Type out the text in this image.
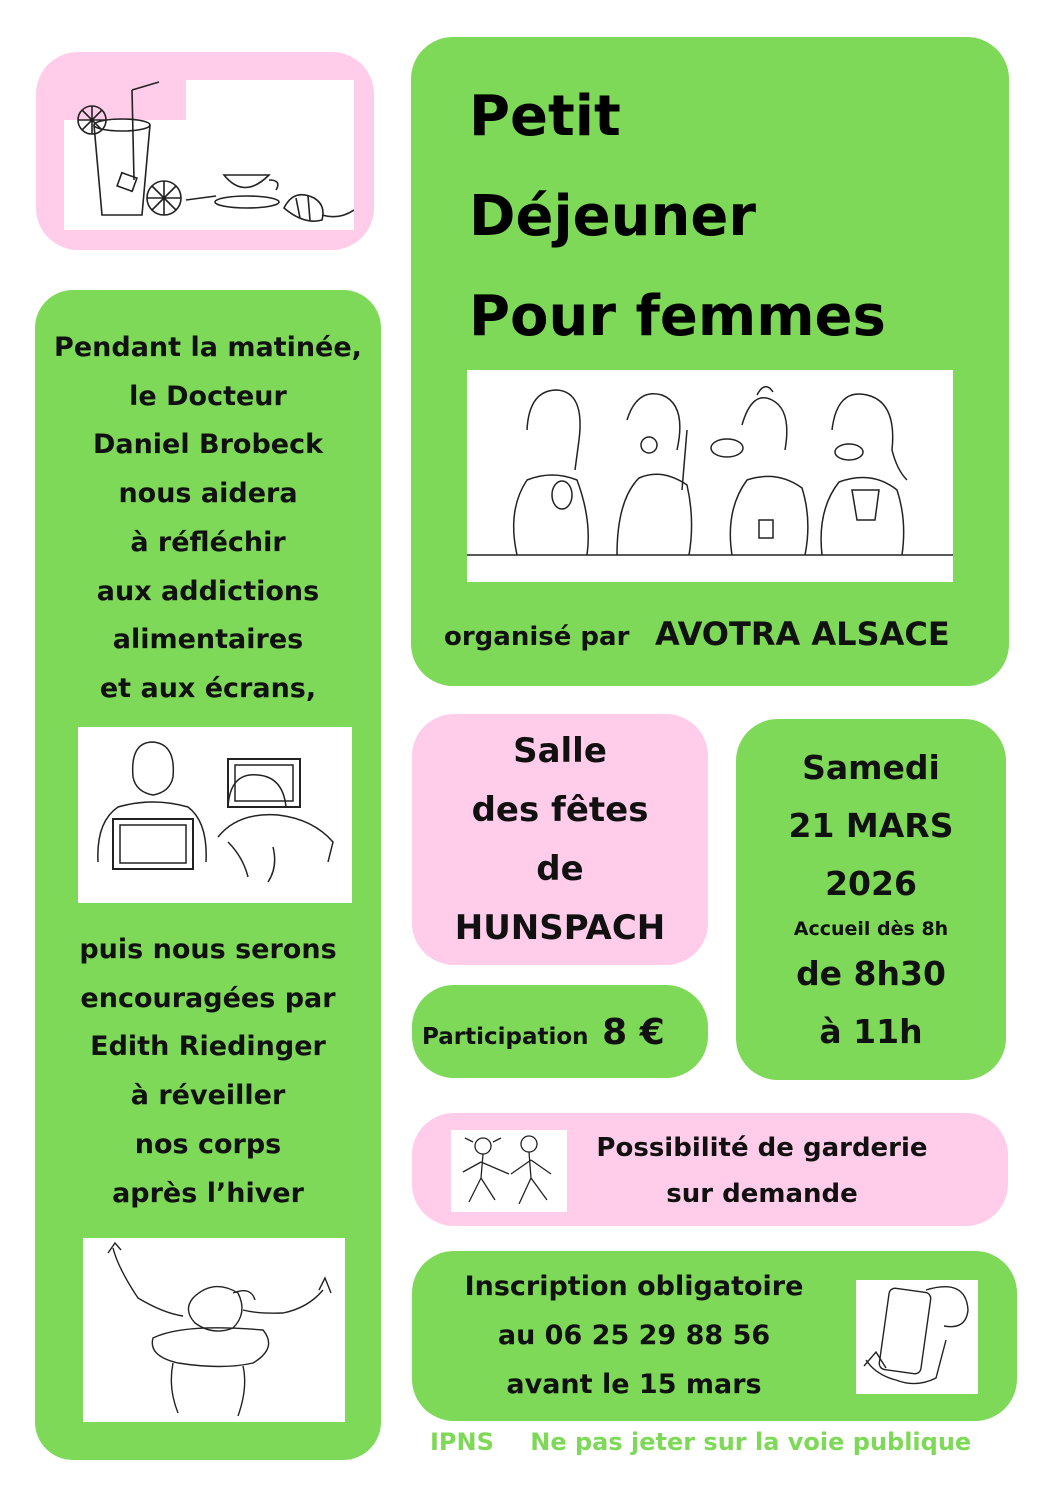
Petit
Déjeuner
Pour femmes
organisé par AVOTRA ALSACE
Pendant la matinée,
le Docteur
Daniel Brobeck
nous aidera
à réfléchir
aux addictions
alimentaires
et aux écrans,
puis nous serons
encouragées par
Edith Riedinger
à réveiller
nos corps
après l’hiver
Salle
des fêtes
de
HUNSPACH
Samedi
21 MARS
2026
Accueil dès 8h
de 8h30
à 11h
Participation 8 €
Possibilité de garderie
sur demande
Inscription obligatoire
au 06 25 29 88 56
avant le 15 mars
IPNS Ne pas jeter sur la voie publique
